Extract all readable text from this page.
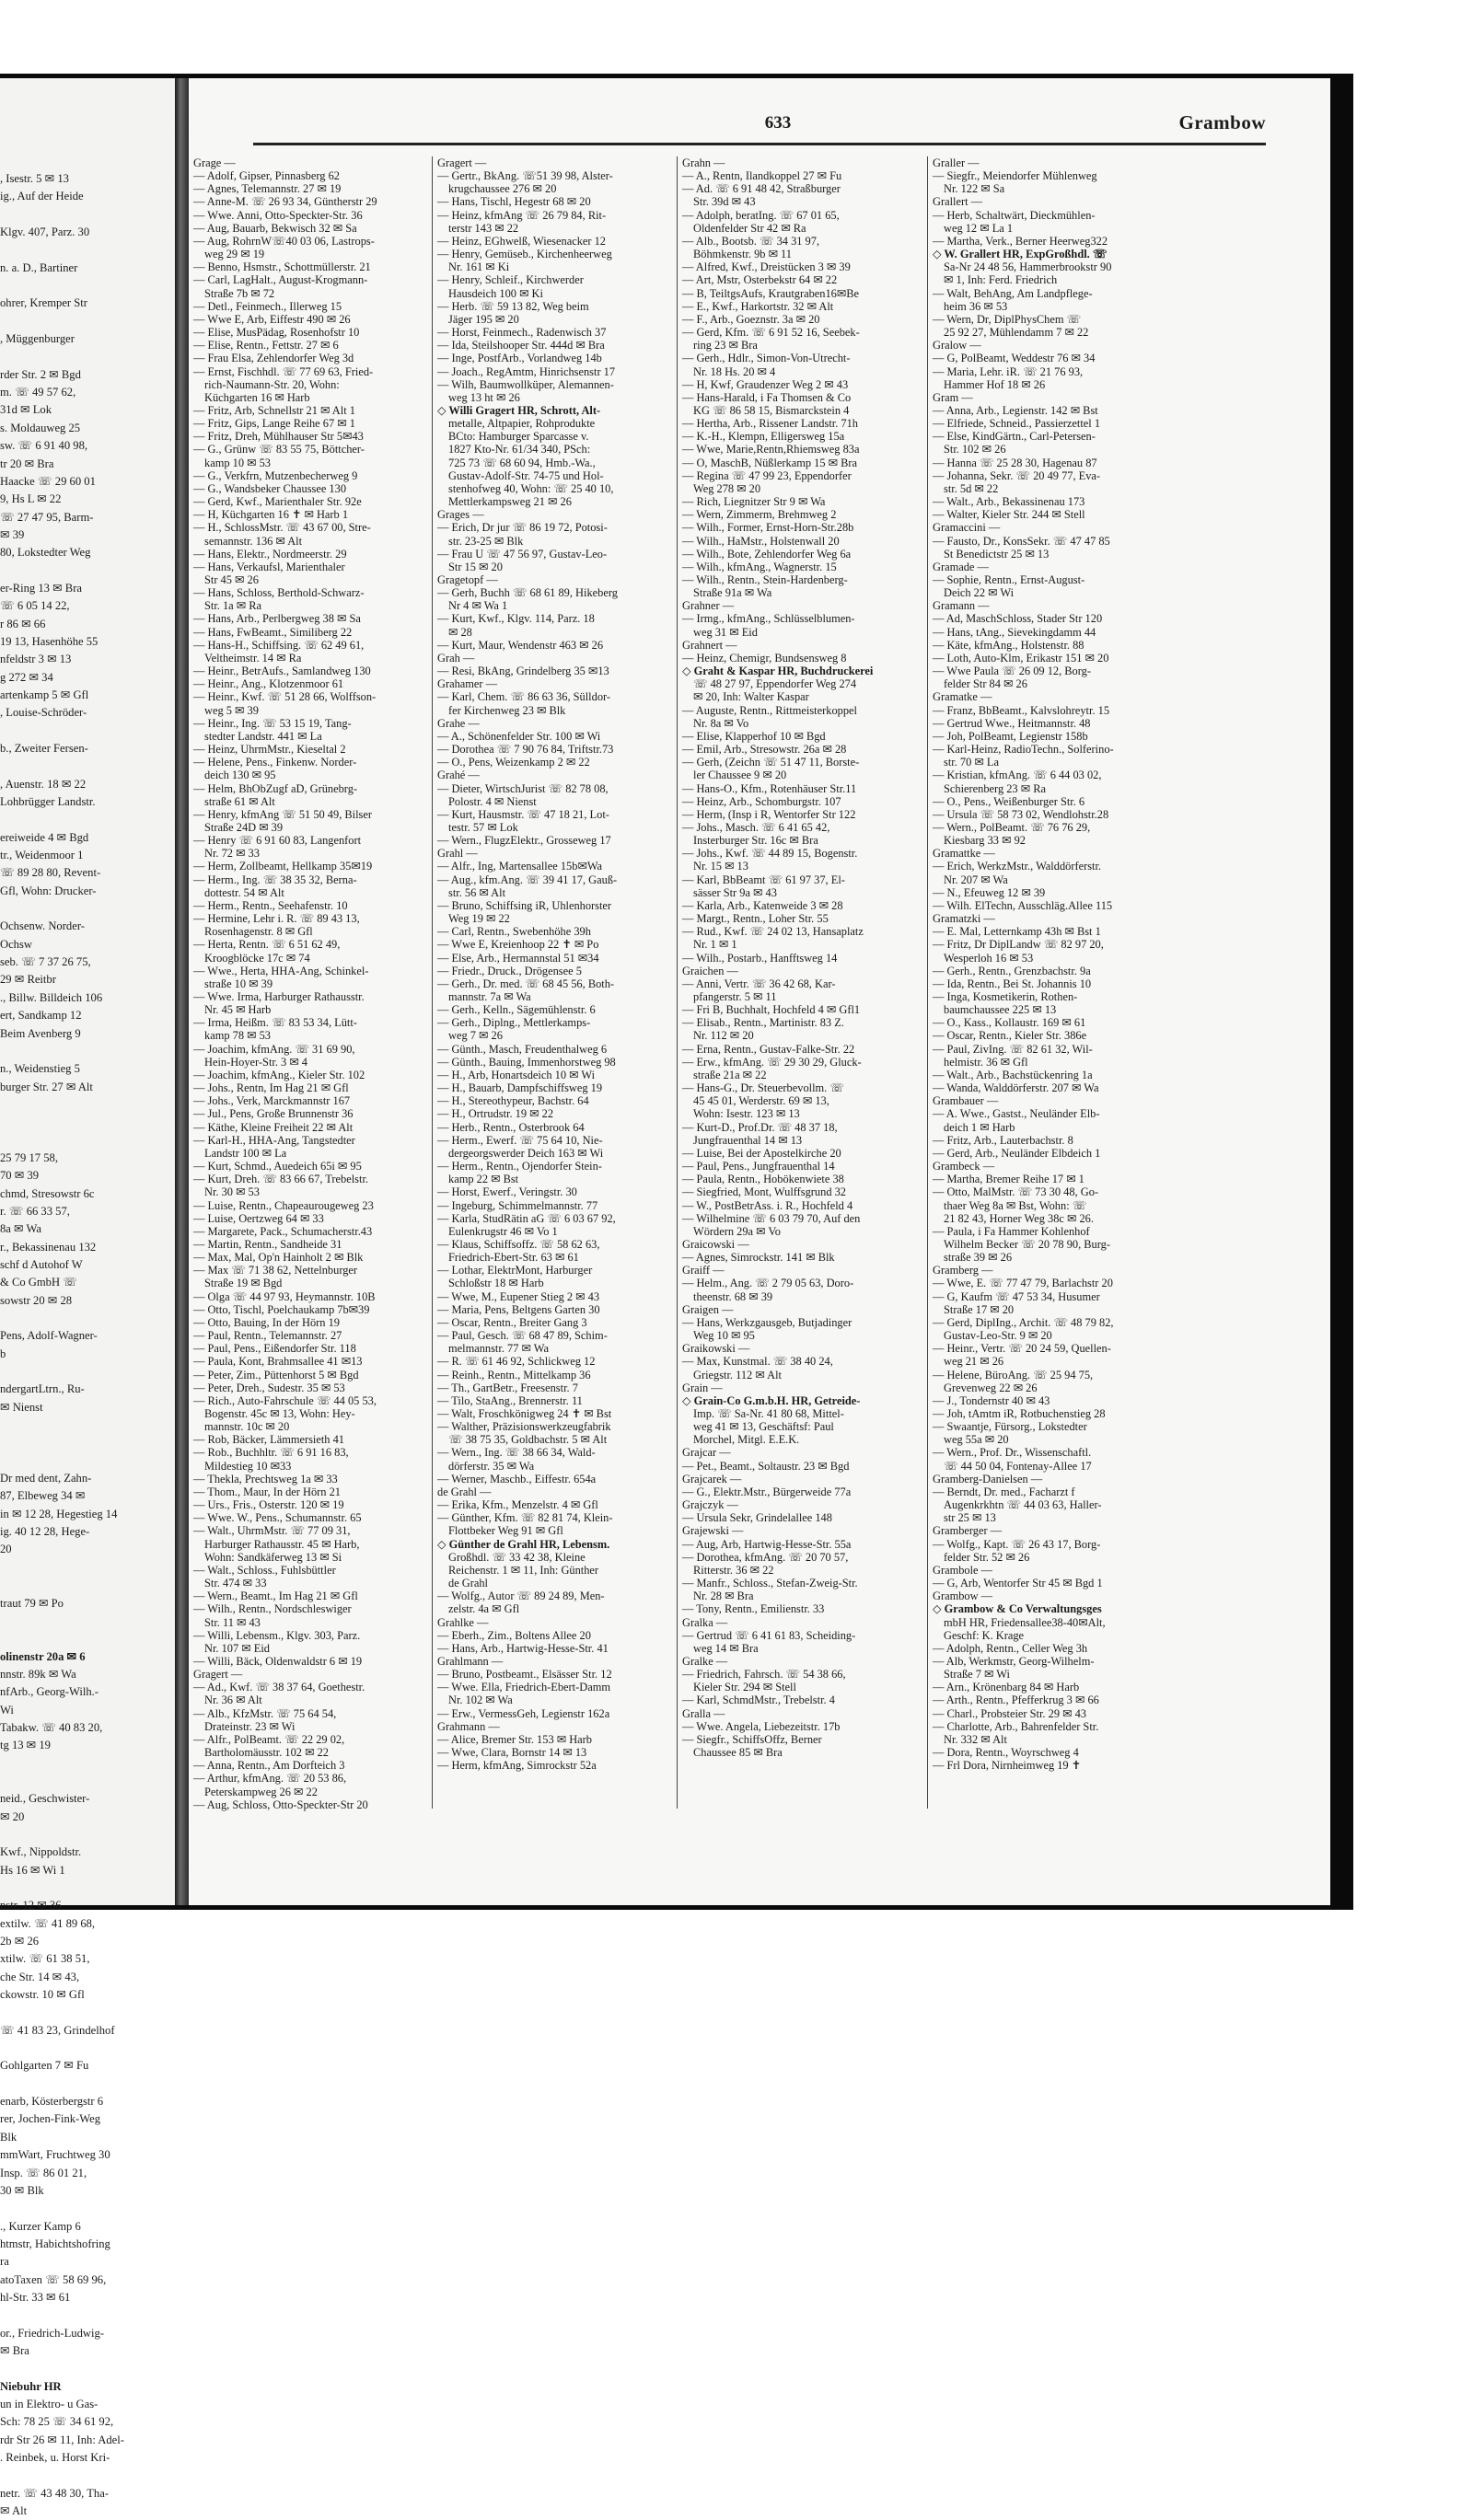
, Isestr. 5 ✉ 13
ig., Auf der Heide

Klgv. 407, Parz. 30

n. a. D., Bartiner

ohrer, Kremper Str

, Müggenburger

rder Str. 2 ✉ Bgd
m. ☏ 49 57 62,
31d ✉ Lok
s. Moldauweg 25
sw. ☏ 6 91 40 98,
tr 20 ✉ Bra
Haacke ☏ 29 60 01
9, Hs L ✉ 22
☏ 27 47 95, Barm-
✉ 39
80, Lokstedter Weg

er-Ring 13 ✉ Bra
☏ 6 05 14 22,
r 86 ✉ 66
19 13, Hasenhöhe 55
nfeldstr 3 ✉ 13
g 272 ✉ 34
artenkamp 5 ✉ Gfl
, Louise-Schröder-

b., Zweiter Fersen-

, Auenstr. 18 ✉ 22
Lohbrügger Landstr.

ereiweide 4 ✉ Bgd
tr., Weidenmoor 1
☏ 89 28 80, Revent-
Gfl, Wohn: Drucker-

Ochsenw. Norder-
Ochsw
seb. ☏ 7 37 26 75,
29 ✉ Reitbr
., Billw. Billdeich 106
ert, Sandkamp 12
Beim Avenberg 9

n., Weidenstieg 5
burger Str. 27 ✉ Alt

25 79 17 58,
70 ✉ 39
chmd, Stresowstr 6c
r. ☏ 66 33 57,
8a ✉ Wa
r., Bekassinenau 132
schf d Autohof W
& Co GmbH ☏
sowstr 20 ✉ 28

Pens, Adolf-Wagner-
b

ndergartLtrn., Ru-
✉ Nienst

Dr med dent, Zahn-
87, Elbeweg 34 ✉
in ✉ 12 28, Hegestieg 14
ig. 40 12 28, Hege-
20

traut 79 ✉ Po

olinenstr 20a ✉ 6
nnstr. 89k ✉ Wa
nfArb., Georg-Wilh.-
Wi
Tabakw. ☏ 40 83 20,
tg 13 ✉ 19

neid., Geschwister-
✉ 20

Kwf., Nippoldstr.
Hs 16 ✉ Wi 1

nstr. 12 ✉ 36
extilw. ☏ 41 89 68,
2b ✉ 26
xtilw. ☏ 61 38 51,
che Str. 14 ✉ 43,
ckowstr. 10 ✉ Gfl

☏ 41 83 23, Grindelhof

Gohlgarten 7 ✉ Fu

enarb, Kösterbergstr 6
rer, Jochen-Fink-Weg
Blk
mmWart, Fruchtweg 30
Insp. ☏ 86 01 21,
30 ✉ Blk

., Kurzer Kamp 6
htmstr, Habichtshofring
ra
atoTaxen ☏ 58 69 96,
hl-Str. 33 ✉ 61

or., Friedrich-Ludwig-
✉ Bra

Niebuhr HR
un in Elektro- u Gas-
Sch: 78 25 ☏ 34 61 92,
rdr Str 26 ✉ 11, Inh: Adel-
. Reinbek, u. Horst Kri-

netr. ☏ 43 48 30, Tha-
✉ Alt
633	Grambow
Grage —
— Adolf, Gipser, Pinnasberg 62
— Agnes, Telemannstr. 27 ✉ 19
— Anne-M. ☏ 26 93 34, Güntherstr 29
— Wwe. Anni, Otto-Speckter-Str. 36
— Aug, Bauarb, Bekwisch 32 ✉ Sa
— Aug, RohrnW☏40 03 06, Lastrops-
weg 29 ✉ 19
— Benno, Hsmstr., Schottmüllerstr. 21
— Carl, LagHalt., August-Krogmann-
Straße 7b ✉ 72
— Detl., Feinmech., Illerweg 15
— Wwe E, Arb, Eiffestr 490 ✉ 26
— Elise, MusPädag, Rosenhofstr 10
— Elise, Rentn., Fettstr. 27 ✉ 6
— Frau Elsa, Zehlendorfer Weg 3d
— Ernst, Fischhdl. ☏ 77 69 63, Fried-
rich-Naumann-Str. 20, Wohn:
Küchgarten 16 ✉ Harb
— Fritz, Arb, Schnellstr 21 ✉ Alt 1
— Fritz, Gips, Lange Reihe 67 ✉ 1
— Fritz, Dreh, Mühlhauser Str 5✉43
— G., Grünw ☏ 83 55 75, Böttcher-
kamp 10 ✉ 53
— G., Verkfrn, Mutzenbecherweg 9
— G., Wandsbeker Chaussee 130
— Gerd, Kwf., Marienthaler Str. 92e
— H, Küchgarten 16 ✝ ✉ Harb 1
— H., SchlossMstr. ☏ 43 67 00, Stre-
semannstr. 136 ✉ Alt
— Hans, Elektr., Nordmeerstr. 29
— Hans, Verkaufsl, Marienthaler
Str 45 ✉ 26
— Hans, Schloss, Berthold-Schwarz-
Str. 1a ✉ Ra
— Hans, Arb., Perlbergweg 38 ✉ Sa
— Hans, FwBeamt., Similiberg 22
— Hans-H., Schiffsing. ☏ 62 49 61,
Veltheimstr. 14 ✉ Ra
— Heinr., BetrAufs., Samlandweg 130
— Heinr., Ang., Klotzenmoor 61
— Heinr., Kwf. ☏ 51 28 66, Wolffson-
weg 5 ✉ 39
— Heinr., Ing. ☏ 53 15 19, Tang-
stedter Landstr. 441 ✉ La
— Heinz, UhrmMstr., Kieseltal 2
— Helene, Pens., Finkenw. Norder-
deich 130 ✉ 95
— Helm, BhObZugf aD, Grünebrg-
straße 61 ✉ Alt
— Henry, kfmAng ☏ 51 50 49, Bilser
Straße 24D ✉ 39
— Henry ☏ 6 91 60 83, Langenfort
Nr. 72 ✉ 33
— Herm, Zollbeamt, Hellkamp 35✉19
— Herm., Ing. ☏ 38 35 32, Berna-
dottestr. 54 ✉ Alt
— Herm., Rentn., Seehafenstr. 10
— Hermine, Lehr i. R. ☏ 89 43 13,
Rosenhagenstr. 8 ✉ Gfl
— Herta, Rentn. ☏ 6 51 62 49,
Kroogblöcke 17c ✉ 74
— Wwe., Herta, HHA-Ang, Schinkel-
straße 10 ✉ 39
— Wwe. Irma, Harburger Rathausstr.
Nr. 45 ✉ Harb
— Irma, Heißm. ☏ 83 53 34, Lütt-
kamp 78 ✉ 53
— Joachim, kfmAng. ☏ 31 69 90,
Hein-Hoyer-Str. 3 ✉ 4
— Joachim, kfmAng., Kieler Str. 102
— Johs., Rentn, Im Hag 21 ✉ Gfl
— Johs., Verk, Marckmannstr 167
— Jul., Pens, Große Brunnenstr 36
— Käthe, Kleine Freiheit 22 ✉ Alt
— Karl-H., HHA-Ang, Tangstedter
Landstr 100 ✉ La
— Kurt, Schmd., Auedeich 65i ✉ 95
— Kurt, Dreh. ☏ 83 66 67, Trebelstr.
Nr. 30 ✉ 53
— Luise, Rentn., Chapeaurougeweg 23
— Luise, Oertzweg 64 ✉ 33
— Margarete, Pack., Schumacherstr.43
— Martin, Rentn., Sandheide 31
— Max, Mal, Op'n Hainholt 2 ✉ Blk
— Max ☏ 71 38 62, Nettelnburger
Straße 19 ✉ Bgd
— Olga ☏ 44 97 93, Heymannstr. 10B
— Otto, Tischl, Poelchaukamp 7b✉39
— Otto, Bauing, In der Hörn 19
— Paul, Rentn., Telemannstr. 27
— Paul, Pens., Eißendorfer Str. 118
— Paula, Kont, Brahmsallee 41 ✉13
— Peter, Zim., Püttenhorst 5 ✉ Bgd
— Peter, Dreh., Sudestr. 35 ✉ 53
— Rich., Auto-Fahrschule ☏ 44 05 53,
Bogenstr. 45c ✉ 13, Wohn: Hey-
mannstr. 10c ✉ 20
— Rob, Bäcker, Lämmersieth 41
— Rob., Buchhltr. ☏ 6 91 16 83,
Mildestieg 10 ✉33
— Thekla, Prechtsweg 1a ✉ 33
— Thom., Maur, In der Hörn 21
— Urs., Fris., Osterstr. 120 ✉ 19
— Wwe. W., Pens., Schumannstr. 65
— Walt., UhrmMstr. ☏ 77 09 31,
Harburger Rathausstr. 45 ✉ Harb,
Wohn: Sandkäferweg 13 ✉ Si
— Walt., Schloss., Fuhlsbüttler
Str. 474 ✉ 33
— Wern., Beamt., Im Hag 21 ✉ Gfl
— Wilh., Rentn., Nordschleswiger
Str. 11 ✉ 43
— Willi, Lebensm., Klgv. 303, Parz.
Nr. 107 ✉ Eid
— Willi, Bäck, Oldenwaldstr 6 ✉ 19
Gragert —
— Ad., Kwf. ☏ 38 37 64, Goethestr.
Nr. 36 ✉ Alt
— Alb., KfzMstr. ☏ 75 64 54,
Drateinstr. 23 ✉ Wi
— Alfr., PolBeamt. ☏ 22 29 02,
Bartholomäusstr. 102 ✉ 22
— Anna, Rentn., Am Dorfteich 3
— Arthur, kfmAng. ☏ 20 53 86,
Peterskampweg 26 ✉ 22
— Aug, Schloss, Otto-Speckter-Str 20
Gragert —
— Gertr., BkAng. ☏51 39 98, Alster-
krugchaussee 276 ✉ 20
— Hans, Tischl, Hegestr 68 ✉ 20
— Heinz, kfmAng ☏ 26 79 84, Rit-
terstr 143 ✉ 22
— Heinz, EGhwelß, Wiesenacker 12
— Henry, Gemüseb., Kirchenheerweg
Nr. 161 ✉ Ki
— Henry, Schleif., Kirchwerder
Hausdeich 100 ✉ Ki
— Herb. ☏ 59 13 82, Weg beim
Jäger 195 ✉ 20
— Horst, Feinmech., Radenwisch 37
— Ida, Steilshooper Str. 444d ✉ Bra
— Inge, PostfArb., Vorlandweg 14b
— Joach., RegAmtm, Hinrichsenstr 17
— Wilh, Baumwollküper, Alemannen-
weg 13 ht ✉ 26
◇ Willi Gragert HR, Schrott, Alt-
metalle, Altpapier, Rohprodukte
BCto: Hamburger Sparcasse v.
1827 Kto-Nr. 61/34 340, PSch:
725 73 ☏ 68 60 94, Hmb.-Wa.,
Gustav-Adolf-Str. 74-75 und Hol-
stenhofweg 40, Wohn: ☏ 25 40 10,
Mettlerkampsweg 21 ✉ 26
Grages —
— Erich, Dr jur ☏ 86 19 72, Potosi-
str. 23-25 ✉ Blk
— Frau U ☏ 47 56 97, Gustav-Leo-
Str 15 ✉ 20
Gragetopf —
— Gerh, Buchh ☏ 68 61 89, Hikeberg
Nr 4 ✉ Wa 1
— Kurt, Kwf., Klgv. 114, Parz. 18
✉ 28
— Kurt, Maur, Wendenstr 463 ✉ 26
Grah —
— Resi, BkAng, Grindelberg 35 ✉13
Grahamer —
— Karl, Chem. ☏ 86 63 36, Sülldor-
fer Kirchenweg 23 ✉ Blk
Grahe —
— A., Schönenfelder Str. 100 ✉ Wi
— Dorothea ☏ 7 90 76 84, Triftstr.73
— O., Pens, Weizenkamp 2 ✉ 22
Grahé —
— Dieter, WirtschJurist ☏ 82 78 08,
Polostr. 4 ✉ Nienst
— Kurt, Hausmstr. ☏ 47 18 21, Lot-
testr. 57 ✉ Lok
— Wern., FlugzElektr., Grosseweg 17
Grahl —
— Alfr., Ing, Martensallee 15b✉Wa
— Aug., kfm.Ang. ☏ 39 41 17, Gauß-
str. 56 ✉ Alt
— Bruno, Schiffsing iR, Uhlenhorster
Weg 19 ✉ 22
— Carl, Rentn., Swebenhöhe 39h
— Wwe E, Kreienhoop 22 ✝ ✉ Po
— Else, Arb., Hermannstal 51 ✉34
— Friedr., Druck., Drögensee 5
— Gerh., Dr. med. ☏ 68 45 56, Both-
mannstr. 7a ✉ Wa
— Gerh., Kelln., Sägemühlenstr. 6
— Gerh., Diplng., Mettlerkamps-
weg 7 ✉ 26
— Günth., Masch, Freudenthalweg 6
— Günth., Bauing, Immenhorstweg 98
— H., Arb, Honartsdeich 10 ✉ Wi
— H., Bauarb, Dampfschiffsweg 19
— H., Stereothypeur, Bachstr. 64
— H., Ortrudstr. 19 ✉ 22
— Herb., Rentn., Osterbrook 64
— Herm., Ewerf. ☏ 75 64 10, Nie-
dergeorgswerder Deich 163 ✉ Wi
— Herm., Rentn., Ojendorfer Stein-
kamp 22 ✉ Bst
— Horst, Ewerf., Veringstr. 30
— Ingeburg, Schimmelmannstr. 77
— Karla, StudRätin aG ☏ 6 03 67 92,
Eulenkrugstr 46 ✉ Vo 1
— Klaus, Schiffsoffz. ☏ 58 62 63,
Friedrich-Ebert-Str. 63 ✉ 61
— Lothar, ElektrMont, Harburger
Schloßstr 18 ✉ Harb
— Wwe, M., Eupener Stieg 2 ✉ 43
— Maria, Pens, Beltgens Garten 30
— Oscar, Rentn., Breiter Gang 3
— Paul, Gesch. ☏ 68 47 89, Schim-
melmannstr. 77 ✉ Wa
— R. ☏ 61 46 92, Schlickweg 12
— Reinh., Rentn., Mittelkamp 36
— Th., GartBetr., Freesenstr. 7
— Tilo, StaAng., Brennerstr. 11
— Walt, Froschkönigweg 24 ✝ ✉ Bst
— Walther, Präzisionswerkzeugfabrik
☏ 38 75 35, Goldbachstr. 5 ✉ Alt
— Wern., Ing. ☏ 38 66 34, Wald-
dörferstr. 35 ✉ Wa
— Werner, Maschb., Eiffestr. 654a
de Grahl —
— Erika, Kfm., Menzelstr. 4 ✉ Gfl
— Günther, Kfm. ☏ 82 81 74, Klein-
Flottbeker Weg 91 ✉ Gfl
◇ Günther de Grahl HR, Lebensm.
Großhdl. ☏ 33 42 38, Kleine
Reichenstr. 1 ✉ 11, Inh: Günther
de Grahl
— Wolfg., Autor ☏ 89 24 89, Men-
zelstr. 4a ✉ Gfl
Grahlke —
— Eberh., Zim., Boltens Allee 20
— Hans, Arb., Hartwig-Hesse-Str. 41
Grahlmann —
— Bruno, Postbeamt., Elsässer Str. 12
— Wwe. Ella, Friedrich-Ebert-Damm
Nr. 102 ✉ Wa
— Erw., VermessGeh, Legienstr 162a
Grahmann —
— Alice, Bremer Str. 153 ✉ Harb
— Wwe, Clara, Bornstr 14 ✉ 13
— Herm, kfmAng, Simrockstr 52a
Grahn —
— A., Rentn, Ilandkoppel 27 ✉ Fu
— Ad. ☏ 6 91 48 42, Straßburger
Str. 39d ✉ 43
— Adolph, beratIng. ☏ 67 01 65,
Oldenfelder Str 42 ✉ Ra
— Alb., Bootsb. ☏ 34 31 97,
Böhmkenstr. 9b ✉ 11
— Alfred, Kwf., Dreistücken 3 ✉ 39
— Art, Mstr, Osterbekstr 64 ✉ 22
— B, TeiltgsAufs, Krautgraben16✉Be
— E., Kwf., Harkortstr. 32 ✉ Alt
— F., Arb., Goeznstr. 3a ✉ 20
— Gerd, Kfm. ☏ 6 91 52 16, Seebek-
ring 23 ✉ Bra
— Gerh., Hdlr., Simon-Von-Utrecht-
Nr. 18 Hs. 20 ✉ 4
— H, Kwf, Graudenzer Weg 2 ✉ 43
— Hans-Harald, i Fa Thomsen & Co
KG ☏ 86 58 15, Bismarckstein 4
— Hertha, Arb., Rissener Landstr. 71h
— K.-H., Klempn, Elligersweg 15a
— Wwe, Marie,Rentn,Rhiemsweg 83a
— O, MaschB, Nüßlerkamp 15 ✉ Bra
— Regina ☏ 47 99 23, Eppendorfer
Weg 278 ✉ 20
— Rich, Liegnitzer Str 9 ✉ Wa
— Wern, Zimmerm, Brehmweg 2
— Wilh., Former, Ernst-Horn-Str.28b
— Wilh., HaMstr., Holstenwall 20
— Wilh., Bote, Zehlendorfer Weg 6a
— Wilh., kfmAng., Wagnerstr. 15
— Wilh., Rentn., Stein-Hardenberg-
Straße 91a ✉ Wa
Grahner —
— Irmg., kfmAng., Schlüsselblumen-
weg 31 ✉ Eid
Grahnert —
— Heinz, Chemigr, Bundsensweg 8
◇ Graht & Kaspar HR, Buchdruckerei
☏ 48 27 97, Eppendorfer Weg 274
✉ 20, Inh: Walter Kaspar
— Auguste, Rentn., Rittmeisterkoppel
Nr. 8a ✉ Vo
— Elise, Klapperhof 10 ✉ Bgd
— Emil, Arb., Stresowstr. 26a ✉ 28
— Gerh, (Zeichn ☏ 51 47 11, Borste-
ler Chaussee 9 ✉ 20
— Hans-O., Kfm., Rotenhäuser Str.11
— Heinz, Arb., Schomburgstr. 107
— Herm, (Insp i R, Wentorfer Str 122
— Johs., Masch. ☏ 6 41 65 42,
Insterburger Str. 16c ✉ Bra
— Johs., Kwf. ☏ 44 89 15, Bogenstr.
Nr. 15 ✉ 13
— Karl, BbBeamt ☏ 61 97 37, El-
sässer Str 9a ✉ 43
— Karla, Arb., Katenweide 3 ✉ 28
— Margt., Rentn., Loher Str. 55
— Rud., Kwf. ☏ 24 02 13, Hansaplatz
Nr. 1 ✉ 1
— Wilh., Postarb., Hanfftsweg 14
Graichen —
— Anni, Vertr. ☏ 36 42 68, Kar-
pfangerstr. 5 ✉ 11
— Fri B, Buchhalt, Hochfeld 4 ✉ Gfl1
— Elisab., Rentn., Martinistr. 83 Z.
Nr. 112 ✉ 20
— Erna, Rentn., Gustav-Falke-Str. 22
— Erw., kfmAng. ☏ 29 30 29, Gluck-
straße 21a ✉ 22
— Hans-G., Dr. Steuerbevollm. ☏
45 45 01, Werderstr. 69 ✉ 13,
Wohn: Isestr. 123 ✉ 13
— Kurt-D., Prof.Dr. ☏ 48 37 18,
Jungfrauenthal 14 ✉ 13
— Luise, Bei der Apostelkirche 20
— Paul, Pens., Jungfrauenthal 14
— Paula, Rentn., Hobökenwiete 38
— Siegfried, Mont, Wulffsgrund 32
— W., PostBetrAss. i. R., Hochfeld 4
— Wilhelmine ☏ 6 03 79 70, Auf den
Wördern 29a ✉ Vo
Graicowski —
— Agnes, Simrockstr. 141 ✉ Blk
Graiff —
— Helm., Ang. ☏ 2 79 05 63, Doro-
theenstr. 68 ✉ 39
Graigen —
— Hans, Werkzgausgeb, Butjadinger
Weg 10 ✉ 95
Graikowski —
— Max, Kunstmal. ☏ 38 40 24,
Griegstr. 112 ✉ Alt
Grain —
◇ Grain-Co G.m.b.H. HR, Getreide-
Imp. ☏ Sa-Nr. 41 80 68, Mittel-
weg 41 ✉ 13, Geschäftsf: Paul
Morchel, Mitgl. E.E.K.
Grajcar —
— Pet., Beamt., Soltaustr. 23 ✉ Bgd
Grajcarek —
— G., Elektr.Mstr., Bürgerweide 77a
Grajczyk —
— Ursula Sekr, Grindelallee 148
Grajewski —
— Aug, Arb, Hartwig-Hesse-Str. 55a
— Dorothea, kfmAng. ☏ 20 70 57,
Ritterstr. 36 ✉ 22
— Manfr., Schloss., Stefan-Zweig-Str.
Nr. 28 ✉ Bra
— Tony, Rentn., Emilienstr. 33
Gralka —
— Gertrud ☏ 6 41 61 83, Scheiding-
weg 14 ✉ Bra
Gralke —
— Friedrich, Fahrsch. ☏ 54 38 66,
Kieler Str. 294 ✉ Stell
— Karl, SchmdMstr., Trebelstr. 4
Gralla —
— Wwe. Angela, Liebezeitstr. 17b
— Siegfr., SchiffsOffz, Berner
Chaussee 85 ✉ Bra
Graller —
— Siegfr., Meiendorfer Mühlenweg
Nr. 122 ✉ Sa
Grallert —
— Herb, Schaltwärt, Dieckmühlen-
weg 12 ✉ La 1
— Martha, Verk., Berner Heerweg322
◇ W. Grallert HR, ExpGroßhdl. ☏
Sa-Nr 24 48 56, Hammerbrookstr 90
✉ 1, Inh: Ferd. Friedrich
— Walt, BehAng, Am Landpflege-
heim 36 ✉ 53
— Wern, Dr, DiplPhysChem ☏
25 92 27, Mühlendamm 7 ✉ 22
Gralow —
— G, PolBeamt, Weddestr 76 ✉ 34
— Maria, Lehr. iR. ☏ 21 76 93,
Hammer Hof 18 ✉ 26
Gram —
— Anna, Arb., Legienstr. 142 ✉ Bst
— Elfriede, Schneid., Passierzettel 1
— Else, KindGärtn., Carl-Petersen-
Str. 102 ✉ 26
— Hanna ☏ 25 28 30, Hagenau 87
— Johanna, Sekr. ☏ 20 49 77, Eva-
str. 5d ✉ 22
— Walt., Arb., Bekassinenau 173
— Walter, Kieler Str. 244 ✉ Stell
Gramaccini —
— Fausto, Dr., KonsSekr. ☏ 47 47 85
St Benedictstr 25 ✉ 13
Gramade —
— Sophie, Rentn., Ernst-August-
Deich 22 ✉ Wi
Gramann —
— Ad, MaschSchloss, Stader Str 120
— Hans, tAng., Sievekingdamm 44
— Käte, kfmAng., Holstenstr. 88
— Loth, Auto-Klm, Erikastr 151 ✉ 20
— Wwe Paula ☏ 26 09 12, Borg-
felder Str 84 ✉ 26
Gramatke —
— Franz, BbBeamt., Kalvslohreytr. 15
— Gertrud Wwe., Heitmannstr. 48
— Joh, PolBeamt, Legienstr 158b
— Karl-Heinz, RadioTechn., Solferino-
str. 70 ✉ La
— Kristian, kfmAng. ☏ 6 44 03 02,
Schierenberg 23 ✉ Ra
— O., Pens., Weißenburger Str. 6
— Ursula ☏ 58 73 02, Wendlohstr.28
— Wern., PolBeamt. ☏ 76 76 29,
Kiesbarg 33 ✉ 92
Gramattke —
— Erich, WerkzMstr., Walddörferstr.
Nr. 207 ✉ Wa
— N., Efeuweg 12 ✉ 39
— Wilh. ElTechn, Ausschläg.Allee 115
Gramatzki —
— E. Mal, Letternkamp 43h ✉ Bst 1
— Fritz, Dr DiplLandw ☏ 82 97 20,
Wesperloh 16 ✉ 53
— Gerh., Rentn., Grenzbachstr. 9a
— Ida, Rentn., Bei St. Johannis 10
— Inga, Kosmetikerin, Rothen-
baumchaussee 225 ✉ 13
— O., Kass., Kollaustr. 169 ✉ 61
— Oscar, Rentn., Kieler Str. 386e
— Paul, ZivIng. ☏ 82 61 32, Wil-
helmistr. 36 ✉ Gfl
— Walt., Arb., Bachstückenring 1a
— Wanda, Walddörferstr. 207 ✉ Wa
Grambauer —
— A. Wwe., Gastst., Neuländer Elb-
deich 1 ✉ Harb
— Fritz, Arb., Lauterbachstr. 8
— Gerd, Arb., Neuländer Elbdeich 1
Grambeck —
— Martha, Bremer Reihe 17 ✉ 1
— Otto, MalMstr. ☏ 73 30 48, Go-
thaer Weg 8a ✉ Bst, Wohn: ☏
21 82 43, Horner Weg 38c ✉ 26.
— Paula, i Fa Hammer Kohlenhof
Wilhelm Becker ☏ 20 78 90, Burg-
straße 39 ✉ 26
Gramberg —
— Wwe, E. ☏ 77 47 79, Barlachstr 20
— G, Kaufm ☏ 47 53 34, Husumer
Straße 17 ✉ 20
— Gerd, DiplIng., Archit. ☏ 48 79 82,
Gustav-Leo-Str. 9 ✉ 20
— Heinr., Vertr. ☏ 20 24 59, Quellen-
weg 21 ✉ 26
— Helene, BüroAng. ☏ 25 94 75,
Grevenweg 22 ✉ 26
— J., Tondernstr 40 ✉ 43
— Joh, tAmtm iR, Rotbuchenstieg 28
— Swaantje, Fürsorg., Lokstedter
weg 55a ✉ 20
— Wern., Prof. Dr., Wissenschaftl.
☏ 44 50 04, Fontenay-Allee 17
Gramberg-Danielsen —
— Berndt, Dr. med., Facharzt f
Augenkrkhtn ☏ 44 03 63, Haller-
str 25 ✉ 13
Gramberger —
— Wolfg., Kapt. ☏ 26 43 17, Borg-
felder Str. 52 ✉ 26
Grambole —
— G, Arb, Wentorfer Str 45 ✉ Bgd 1
Grambow —
◇ Grambow & Co Verwaltungsges
mbH HR, Friedensallee38-40✉Alt,
Geschf: K. Krage
— Adolph, Rentn., Celler Weg 3h
— Alb, Werkmstr, Georg-Wilhelm-
Straße 7 ✉ Wi
— Arn., Krönenbarg 84 ✉ Harb
— Arth., Rentn., Pfefferkrug 3 ✉ 66
— Charl., Probsteier Str. 29 ✉ 43
— Charlotte, Arb., Bahrenfelder Str.
Nr. 332 ✉ Alt
— Dora, Rentn., Woyrschweg 4
— Frl Dora, Nirnheimweg 19 ✝
